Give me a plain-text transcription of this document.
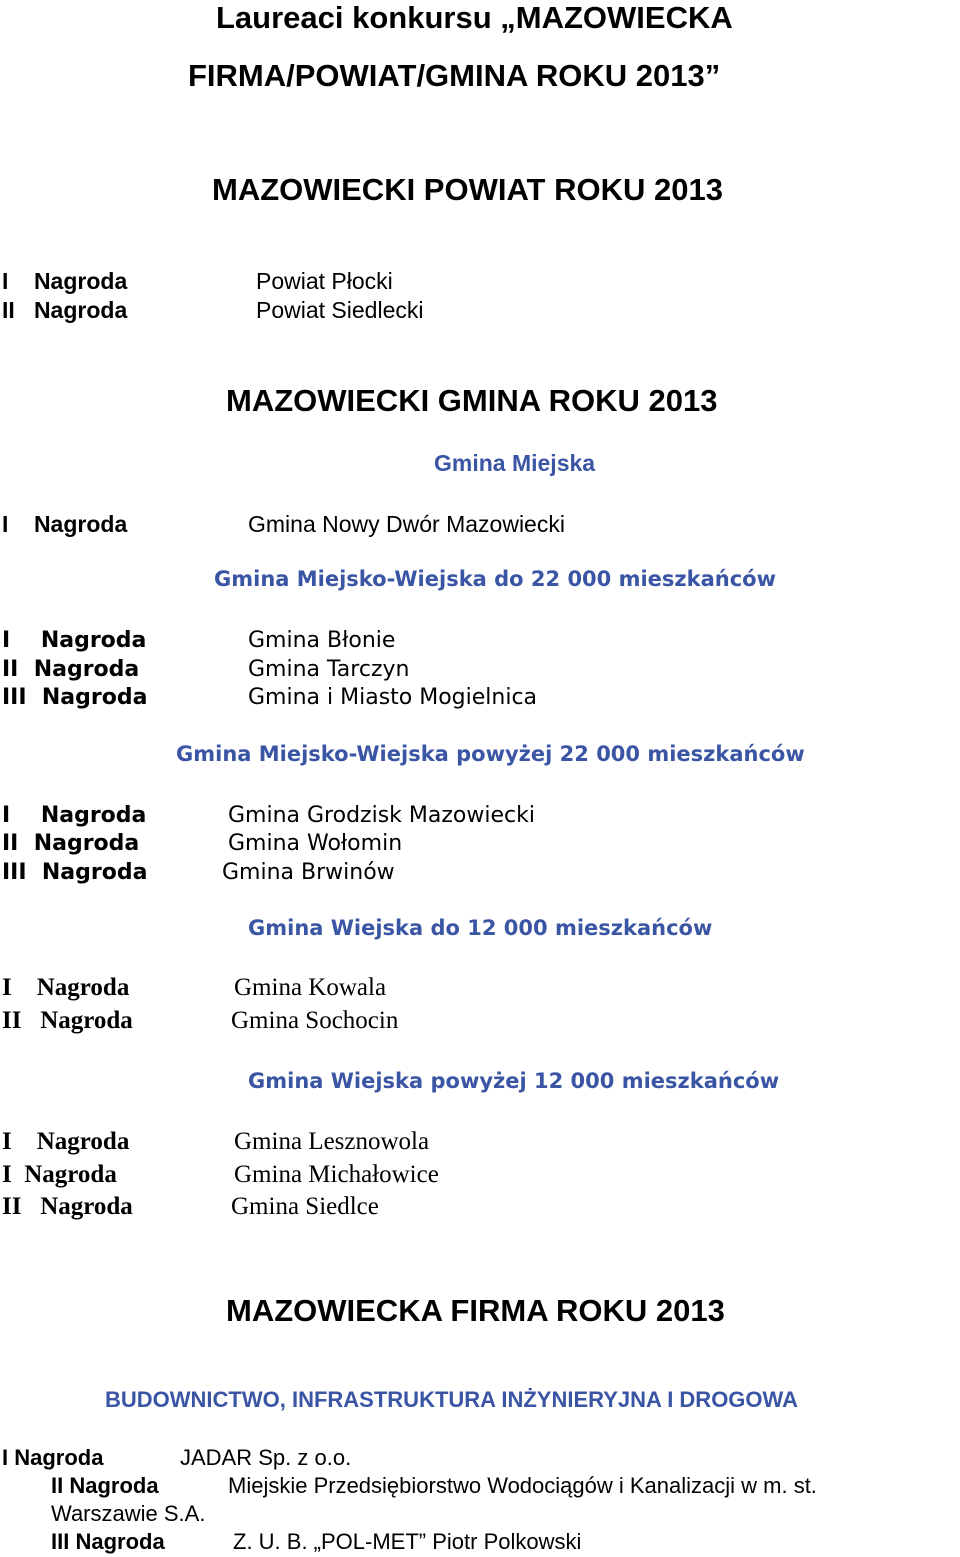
Laureaci konkursu „MAZOWIECKA
FIRMA/POWIAT/GMINA ROKU 2013”
MAZOWIECKI POWIAT ROKU 2013
I    Nagroda	Powiat Płocki
II   Nagroda	Powiat Siedlecki
MAZOWIECKI GMINA ROKU 2013
Gmina Miejska
I    Nagroda	Gmina Nowy Dwór Mazowiecki
Gmina Miejsko-Wiejska do 22 000 mieszkańców
I    Nagroda	Gmina Błonie
II  Nagroda	Gmina Tarczyn
III  Nagroda	Gmina i Miasto Mogielnica
Gmina Miejsko-Wiejska powyżej 22 000 mieszkańców
I    Nagroda	Gmina Grodzisk Mazowiecki
II  Nagroda	Gmina Wołomin
III  Nagroda	Gmina Brwinów
Gmina Wiejska do 12 000 mieszkańców
I    Nagroda	Gmina Kowala
II   Nagroda	Gmina Sochocin
Gmina Wiejska powyżej 12 000 mieszkańców
I    Nagroda	Gmina Lesznowola
I  Nagroda	Gmina Michałowice
II   Nagroda	Gmina Siedlce
MAZOWIECKA FIRMA ROKU 2013
BUDOWNICTWO, INFRASTRUKTURA INŻYNIERYJNA I DROGOWA
I Nagroda	JADAR Sp. z o.o.
II Nagroda	Miejskie Przedsiębiorstwo Wodociągów i Kanalizacji w m. st.
Warszawie S.A.
III Nagroda	Z. U. B. „POL-MET” Piotr Polkowski
